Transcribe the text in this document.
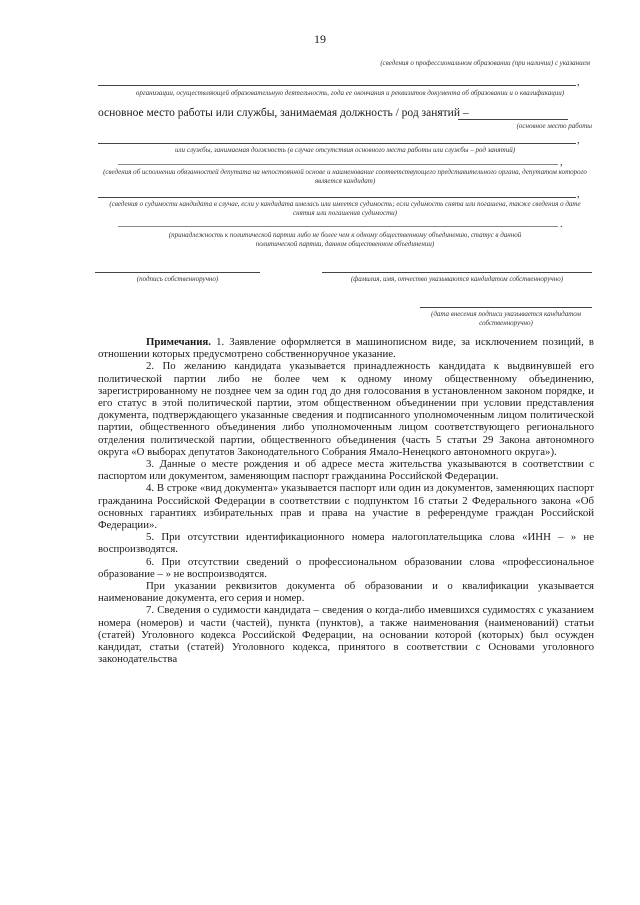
19
(сведения о профессиональном образовании (при наличии) с указанием
,
организации, осуществляющей образовательную деятельность, года ее окончания и реквизитов документа об образовании и о квалификации)
основное место работы или службы, занимаемая должность / род занятий –
(основное место работы
,
или службы, занимаемая должность (в случае отсутствия основного места работы или службы – род занятий)
,
(сведения об исполнении обязанностей депутата на непостоянной основе и наименование соответствующего представительного органа, депутатом которого является кандидат)
,
(сведения о судимости кандидата в случае, если у кандидата имелась или имеется судимость; если судимость снята или погашена, также сведения о дате снятия или погашения судимости)
.
(принадлежность к политической партии либо не более чем к одному общественному объединению, статус в данной политической партии, данном общественном объединении)
(подпись собственноручно)	(фамилия, имя, отчество указываются кандидатом собственноручно)
(дата внесения подписи указывается кандидатом собственноручно)

Примечания. 1. Заявление оформляется в машинописном виде, за исключением позиций, в отношении которых предусмотрено собственноручное указание.

2. По желанию кандидата указывается принадлежность кандидата к выдвинувшей его политической партии либо не более чем к одному иному общественному объединению, зарегистрированному не позднее чем за один год до дня голосования в установленном законом порядке, и его статус в этой политической партии, этом общественном объединении при условии представления документа, подтверждающего указанные сведения и подписанного уполномоченным лицом политической партии, общественного объединения либо уполномоченным лицом соответствующего регионального отделения политической партии, общественного объединения (часть 5 статьи 29 Закона автономного округа «О выборах депутатов Законодательного Собрания Ямало-Ненецкого автономного округа»).

3. Данные о месте рождения и об адресе места жительства указываются в соответствии с паспортом или документом, заменяющим паспорт гражданина Российской Федерации.

4. В строке «вид документа» указывается паспорт или один из документов, заменяющих паспорт гражданина Российской Федерации в соответствии с подпунктом 16 статьи 2 Федерального закона «Об основных гарантиях избирательных прав и права на участие в референдуме граждан Российской Федерации».

5. При отсутствии идентификационного номера налогоплательщика слова «ИНН – » не воспроизводятся.

6. При отсутствии сведений о профессиональном образовании слова «профессиональное образование – » не воспроизводятся.

При указании реквизитов документа об образовании и о квалификации указывается наименование документа, его серия и номер.

7. Сведения о судимости кандидата – сведения о когда-либо имевшихся судимостях с указанием номера (номеров) и части (частей), пункта (пунктов), а также наименования (наименований) статьи (статей) Уголовного кодекса Российской Федерации, на основании которой (которых) был осужден кандидат, статьи (статей) Уголовного кодекса, принятого в соответствии с Основами уголовного законодательства
